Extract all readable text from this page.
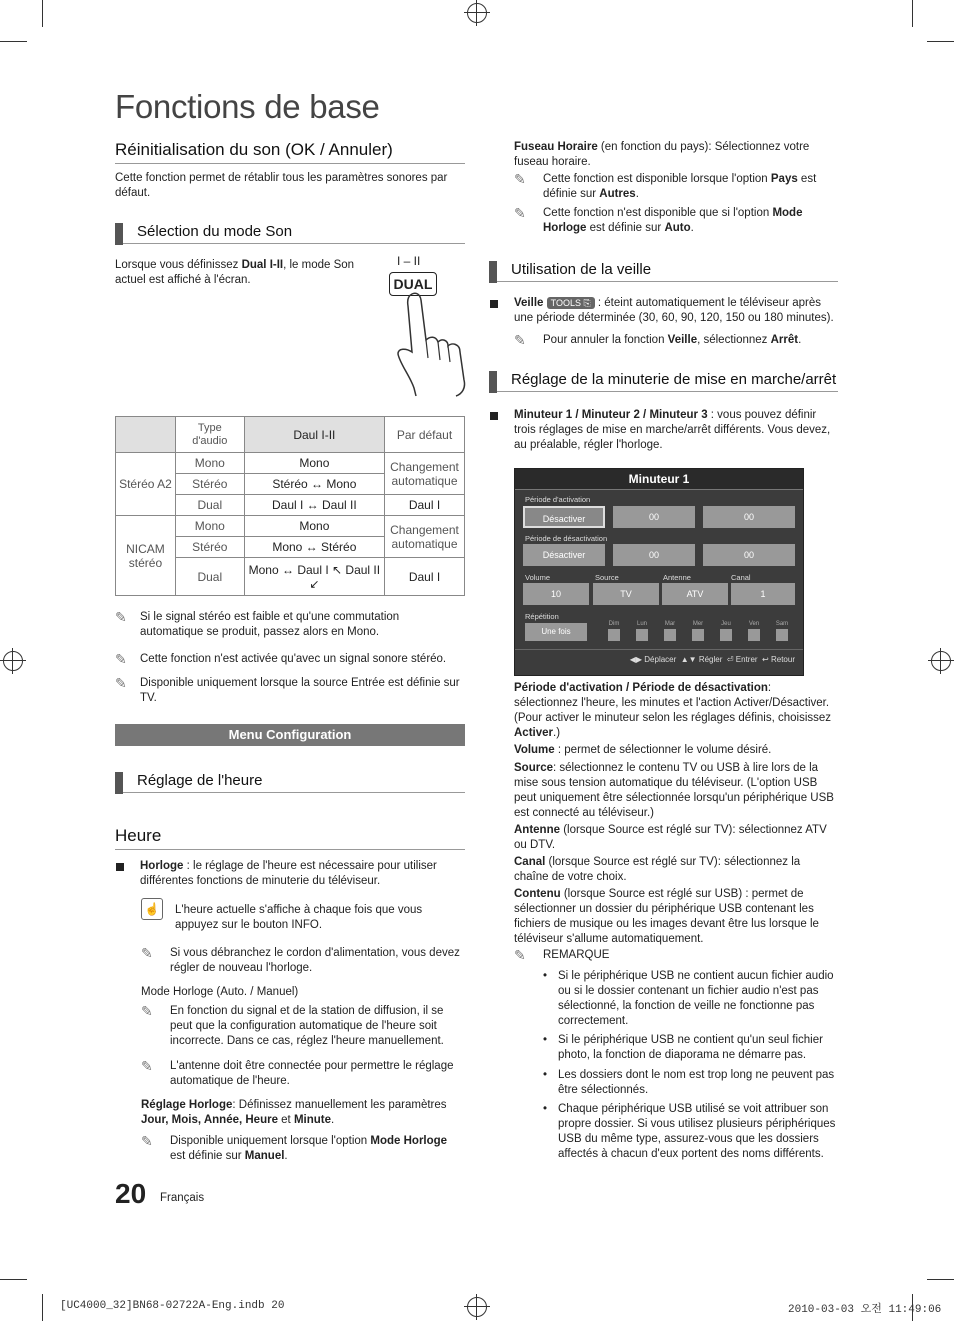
Fonctions de base
Réinitialisation du son (OK / Annuler)
Cette fonction permet de rétablir tous les paramètres sonores par défaut.
Sélection du mode Son
Lorsque vous définissez Dual I-II, le mode Son actuel est affiché à l'écran.
I – II
DUAL
	Type d'audio	Daul I-II	Par défaut
Stéréo A2	Mono	Mono	Changement automatique
	Stéréo	Stéréo ↔ Mono	
	Dual	Daul I ↔ Daul II	Daul I
NICAM stéréo	Mono	Mono	Changement automatique
	Stéréo	Mono ↔ Stéréo	
	Dual	Mono ↔ Daul I ↖ Daul II ↙	Daul I
✎ Si le signal stéréo est faible et qu'une commutation automatique se produit, passez alors en Mono.
✎ Cette fonction n'est activée qu'avec un signal sonore stéréo.
✎ Disponible uniquement lorsque la source Entrée est définie sur TV.
Menu Configuration
Réglage de l'heure
Heure
Horloge : le réglage de l'heure est nécessaire pour utiliser différentes fonctions de minuterie du téléviseur.
☝	L'heure actuelle s'affiche à chaque fois que vous appuyez sur le bouton INFO.
✎ Si vous débranchez le cordon d'alimentation, vous devez régler de nouveau l'horloge.
Mode Horloge (Auto. / Manuel)
✎ En fonction du signal et de la station de diffusion, il se peut que la configuration automatique de l'heure soit incorrecte. Dans ce cas, réglez l'heure manuellement.
✎ L'antenne doit être connectée pour permettre le réglage automatique de l'heure.
Réglage Horloge: Définissez manuellement les paramètres Jour, Mois, Année, Heure et Minute.
✎ Disponible uniquement lorsque l'option Mode Horloge est définie sur Manuel.
20 Français
Fuseau Horaire (en fonction du pays): Sélectionnez votre fuseau horaire.
✎ Cette fonction est disponible lorsque l'option Pays est définie sur Autres.
✎ Cette fonction n'est disponible que si l'option Mode Horloge est définie sur Auto.
Utilisation de la veille
Veille TOOLS ⎘ : éteint automatiquement le téléviseur après une période déterminée (30, 60, 90, 120, 150 ou 180 minutes).
✎ Pour annuler la fonction Veille, sélectionnez Arrêt.
Réglage de la minuterie de mise en marche/arrêt
Minuteur 1 / Minuteur 2 / Minuteur 3 : vous pouvez définir trois réglages de mise en marche/arrêt différents. Vous devez, au préalable, régler l'horloge.
Minuteur 1
Période d'activation
Désactiver	00	00
Période de désactivation
Désactiver	00	00
Volume	Source	Antenne	Canal
10	TV	ATV	1
Répétition
Une fois
Dim	Lun	Mar	Mer	Jeu	Ven	Sam
◀▶ Déplacer ▲▼ Régler ⏎ Entrer ↩ Retour
Période d'activation / Période de désactivation: sélectionnez l'heure, les minutes et l'action Activer/Désactiver. (Pour activer le minuteur selon les réglages définis, choisissez Activer.)
Volume : permet de sélectionner le volume désiré.
Source: sélectionnez le contenu TV ou USB à lire lors de la mise sous tension automatique du téléviseur. (L'option USB peut uniquement être sélectionnée lorsqu'un périphérique USB est connecté au téléviseur.)
Antenne (lorsque Source est réglé sur TV): sélectionnez ATV ou DTV.
Canal (lorsque Source est réglé sur TV): sélectionnez la chaîne de votre choix.
Contenu (lorsque Source est réglé sur USB) : permet de sélectionner un dossier du périphérique USB contenant les fichiers de musique ou les images devant être lus lorsque le téléviseur s'allume automatiquement.
✎ REMARQUE
• Si le périphérique USB ne contient aucun fichier audio ou si le dossier contenant un fichier audio n'est pas sélectionné, la fonction de veille ne fonctionne pas correctement.
• Si le périphérique USB ne contient qu'un seul fichier photo, la fonction de diaporama ne démarre pas.
• Les dossiers dont le nom est trop long ne peuvent pas être sélectionnés.
• Chaque périphérique USB utilisé se voit attribuer son propre dossier. Si vous utilisez plusieurs périphériques USB du même type, assurez-vous que les dossiers affectés à chacun d'eux portent des noms différents.
[UC4000_32]BN68-02722A-Eng.indb 20	2010-03-03 오전 11:49:06
